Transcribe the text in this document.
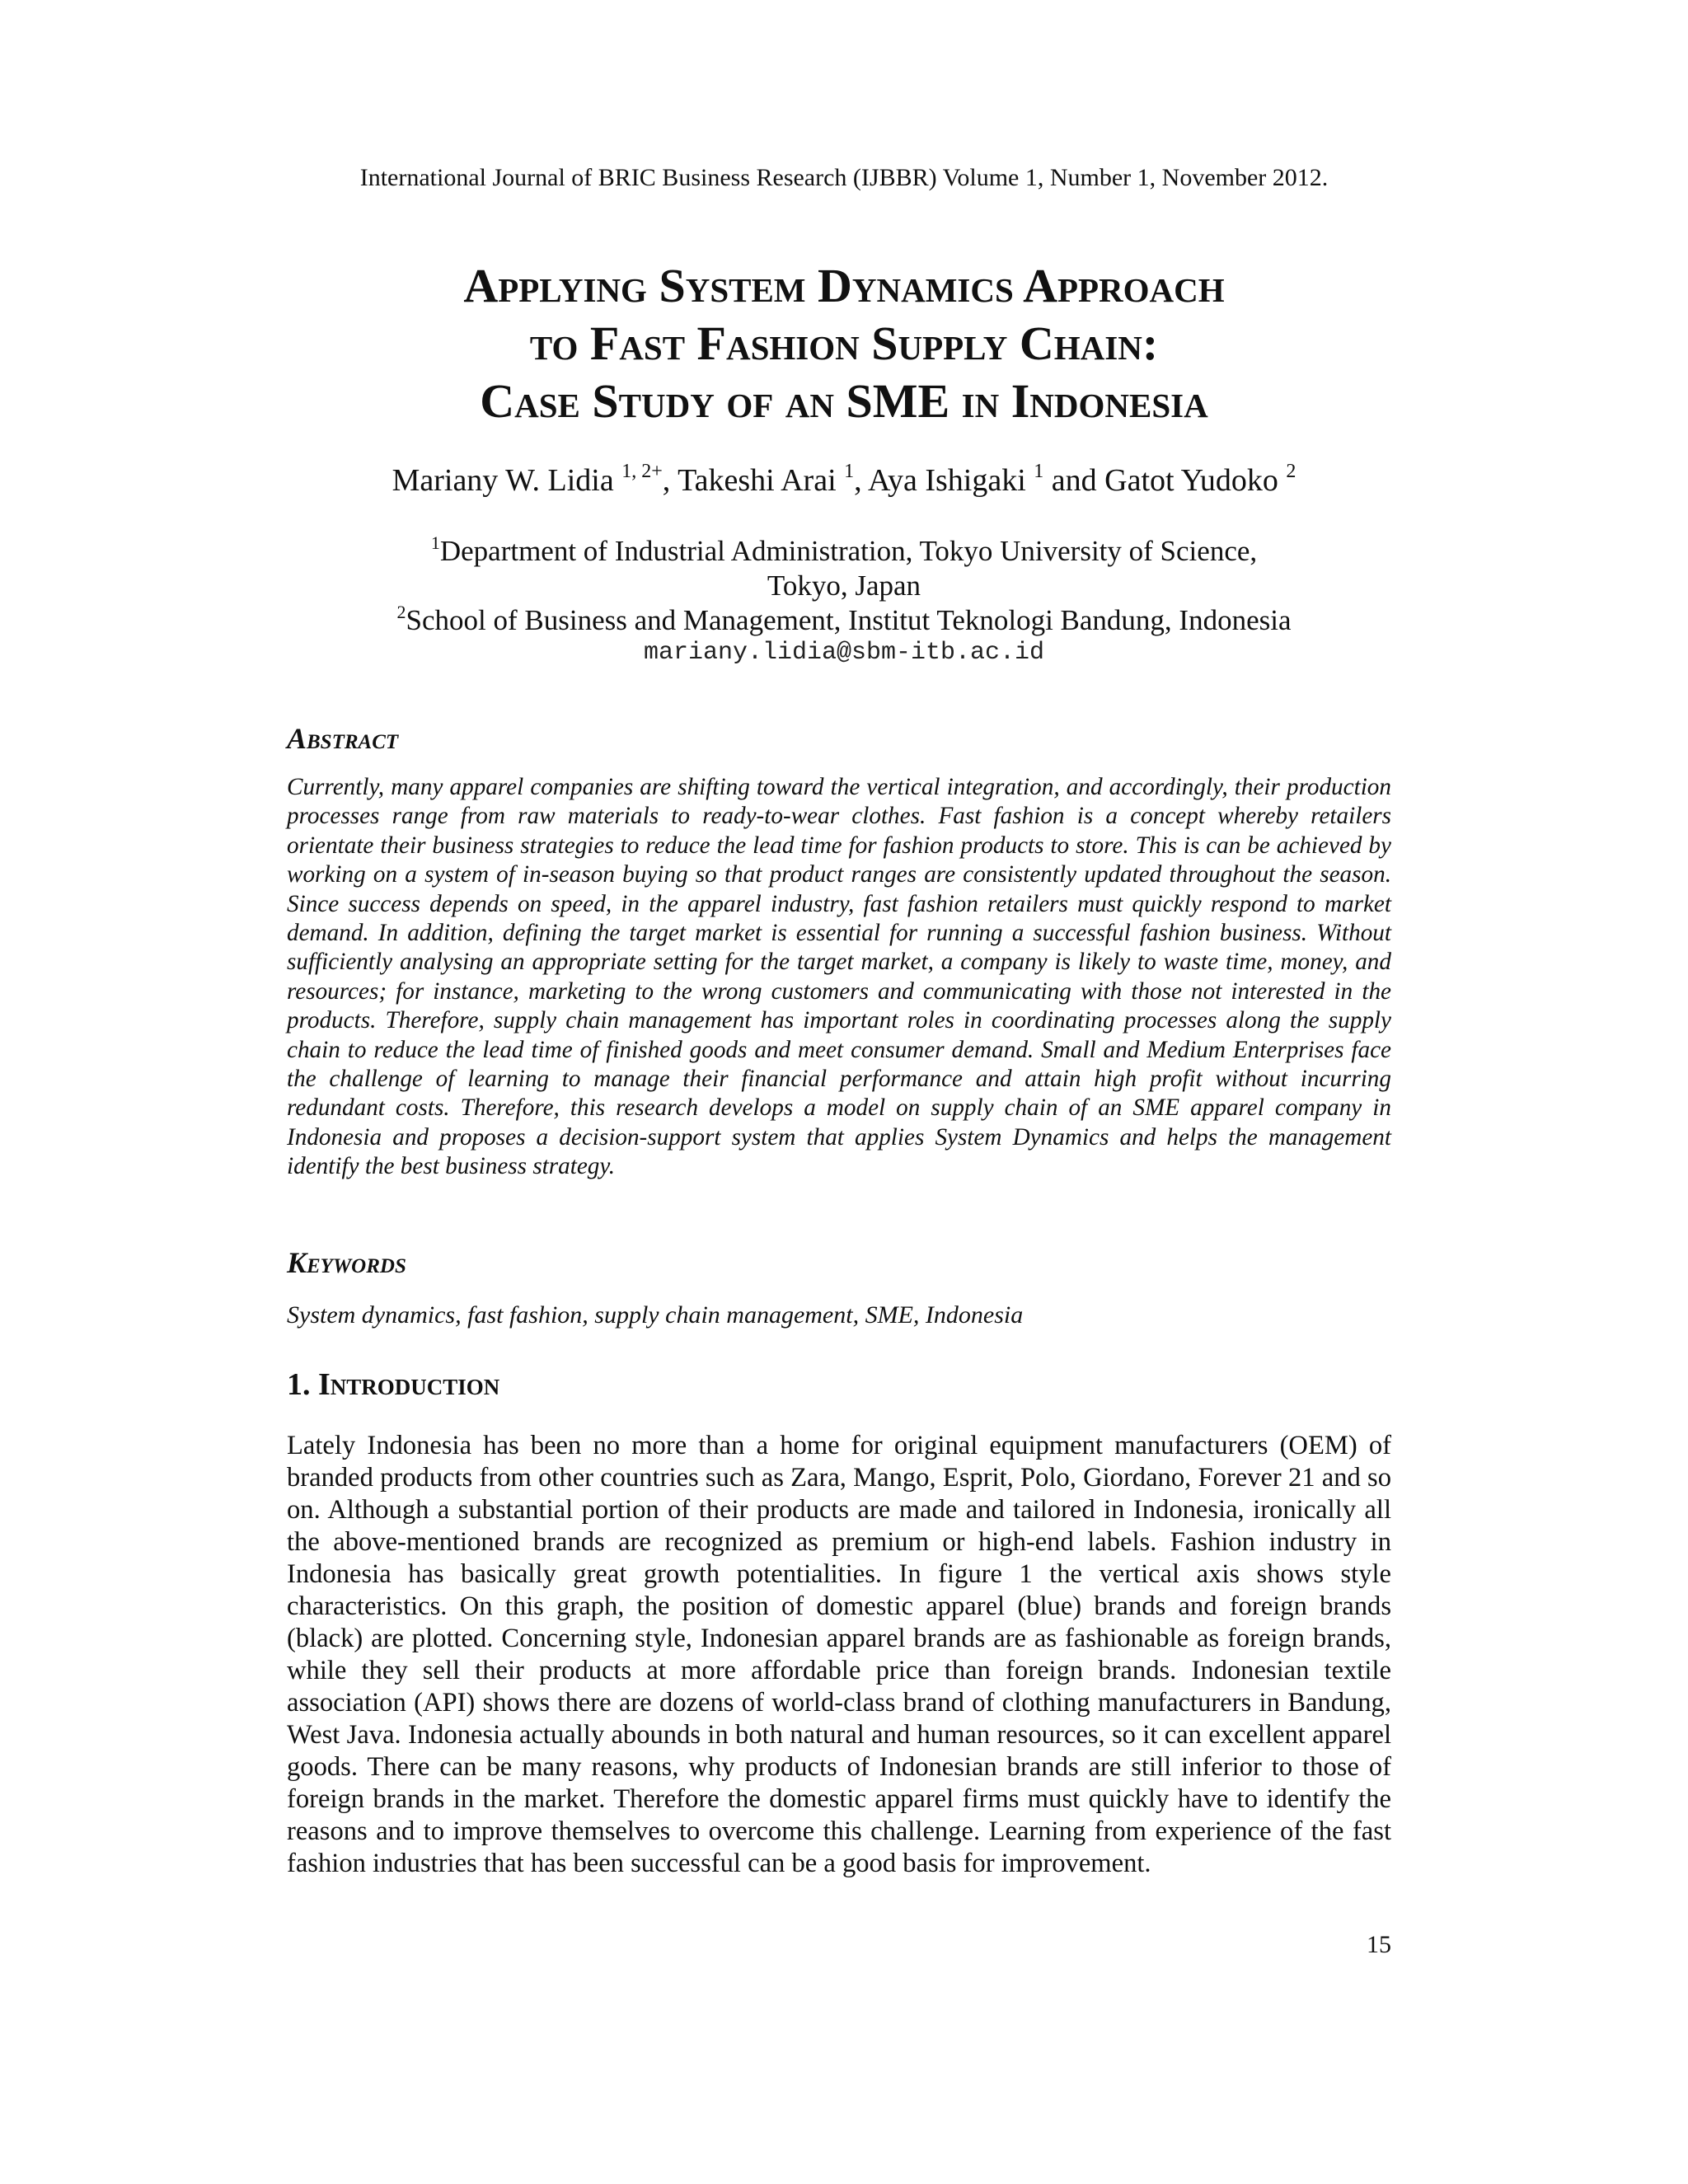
International Journal of BRIC Business Research (IJBBR) Volume 1, Number 1, November 2012.
Applying System Dynamics Approach
to Fast Fashion Supply Chain:
Case Study of an SME in Indonesia
Mariany W. Lidia $^{1, 2+}$, Takeshi Arai $^1$, Aya Ishigaki $^1$ and Gatot Yudoko $^2$
$^1$Department of Industrial Administration, Tokyo University of Science,
Tokyo, Japan
$^2$School of Business and Management, Institut Teknologi Bandung, Indonesia
mariany.lidia@sbm-itb.ac.id
Abstract
Currently, many apparel companies are shifting toward the vertical integration, and accordingly, their production processes range from raw materials to ready-to-wear clothes. Fast fashion is a concept whereby retailers orientate their business strategies to reduce the lead time for fashion products to store. This is can be achieved by working on a system of in-season buying so that product ranges are consistently updated throughout the season. Since success depends on speed, in the apparel industry, fast fashion retailers must quickly respond to market demand. In addition, defining the target market is essential for running a successful fashion business. Without sufficiently analysing an appropriate setting for the target market, a company is likely to waste time, money, and resources; for instance, marketing to the wrong customers and communicating with those not interested in the products. Therefore, supply chain management has important roles in coordinating processes along the supply chain to reduce the lead time of finished goods and meet consumer demand. Small and Medium Enterprises face the challenge of learning to manage their financial performance and attain high profit without incurring redundant costs. Therefore, this research develops a model on supply chain of an SME apparel company in Indonesia and proposes a decision-support system that applies System Dynamics and helps the management identify the best business strategy.
Keywords
System dynamics, fast fashion, supply chain management, SME, Indonesia
1. Introduction
Lately Indonesia has been no more than a home for original equipment manufacturers (OEM) of branded products from other countries such as Zara, Mango, Esprit, Polo, Giordano, Forever 21 and so on. Although a substantial portion of their products are made and tailored in Indonesia, ironically all the above-mentioned brands are recognized as premium or high-end labels. Fashion industry in Indonesia has basically great growth potentialities. In figure 1 the vertical axis shows style characteristics. On this graph, the position of domestic apparel (blue) brands and foreign brands (black) are plotted. Concerning style, Indonesian apparel brands are as fashionable as foreign brands, while they sell their products at more affordable price than foreign brands. Indonesian textile association (API) shows there are dozens of world-class brand of clothing manufacturers in Bandung, West Java. Indonesia actually abounds in both natural and human resources, so it can excellent apparel goods. There can be many reasons, why products of Indonesian brands are still inferior to those of foreign brands in the market. Therefore the domestic apparel firms must quickly have to identify the reasons and to improve themselves to overcome this challenge. Learning from experience of the fast fashion industries that has been successful can be a good basis for improvement.
15
